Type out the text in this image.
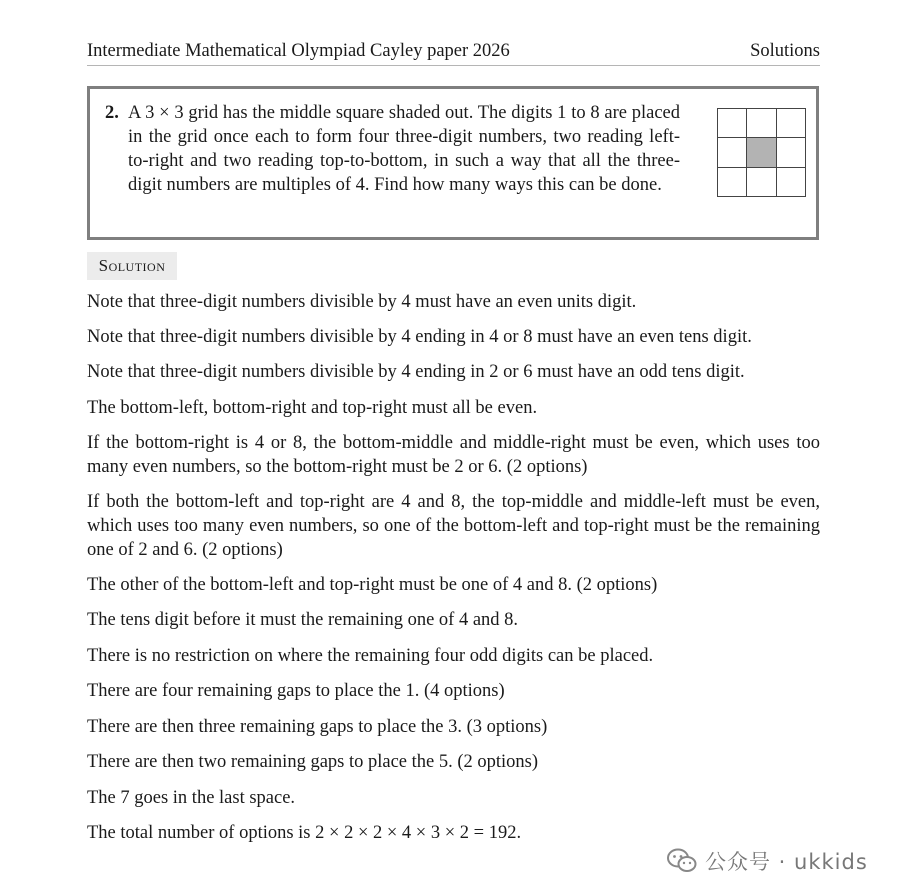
Intermediate Mathematical Olympiad Cayley paper 2026	Solutions
2. A 3 × 3 grid has the middle square shaded out. The digits 1 to 8 are placed in the grid once each to form four three-digit numbers, two reading left-to-right and two reading top-to-bottom, in such a way that all the three-digit numbers are multiples of 4. Find how many ways this can be done.
Solution
Note that three-digit numbers divisible by 4 must have an even units digit.
Note that three-digit numbers divisible by 4 ending in 4 or 8 must have an even tens digit.
Note that three-digit numbers divisible by 4 ending in 2 or 6 must have an odd tens digit.
The bottom-left, bottom-right and top-right must all be even.
If the bottom-right is 4 or 8, the bottom-middle and middle-right must be even, which uses too many even numbers, so the bottom-right must be 2 or 6. (2 options)
If both the bottom-left and top-right are 4 and 8, the top-middle and middle-left must be even, which uses too many even numbers, so one of the bottom-left and top-right must be the remaining one of 2 and 6. (2 options)
The other of the bottom-left and top-right must be one of 4 and 8. (2 options)
The tens digit before it must the remaining one of 4 and 8.
There is no restriction on where the remaining four odd digits can be placed.
There are four remaining gaps to place the 1. (4 options)
There are then three remaining gaps to place the 3. (3 options)
There are then two remaining gaps to place the 5. (2 options)
The 7 goes in the last space.
The total number of options is 2 × 2 × 2 × 4 × 3 × 2 = 192.
公众号 · ukkids
